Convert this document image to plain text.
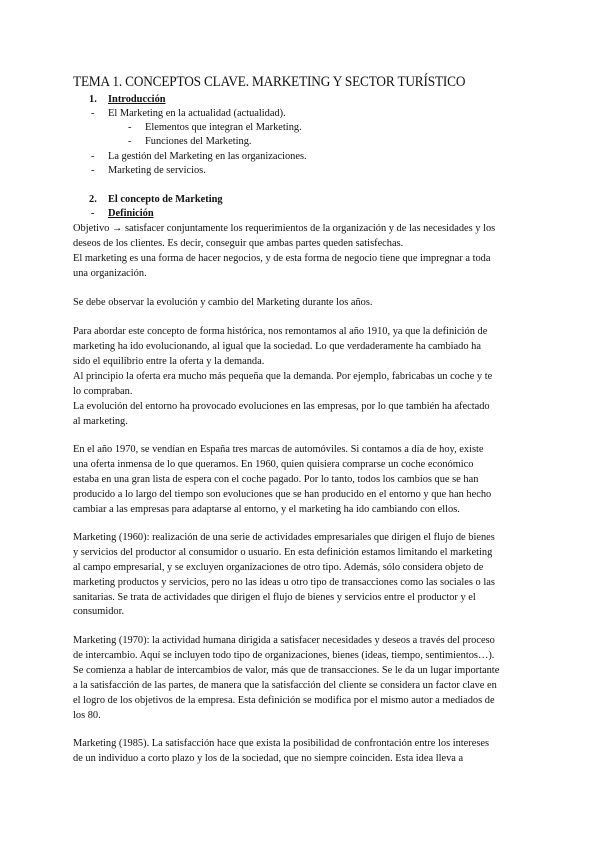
TEMA 1. CONCEPTOS CLAVE. MARKETING Y SECTOR TURÍSTICO
1. Introducción
- El Marketing en la actualidad (actualidad).
- Elementos que integran el Marketing.
- Funciones del Marketing.
- La gestión del Marketing en las organizaciones.
- Marketing de servicios.
2. El concepto de Marketing
- Definición
Objetivo → satisfacer conjuntamente los requerimientos de la organización y de las necesidades y los
deseos de los clientes. Es decir, conseguir que ambas partes queden satisfechas.
El marketing es una forma de hacer negocios, y de esta forma de negocio tiene que impregnar a toda
una organización.
Se debe observar la evolución y cambio del Marketing durante los años.
Para abordar este concepto de forma histórica, nos remontamos al año 1910, ya que la definición de
marketing ha ido evolucionando, al igual que la sociedad. Lo que verdaderamente ha cambiado ha
sido el equilibrio entre la oferta y la demanda.
Al principio la oferta era mucho más pequeña que la demanda. Por ejemplo, fabricabas un coche y te
lo compraban.
La evolución del entorno ha provocado evoluciones en las empresas, por lo que también ha afectado
al marketing.
En el año 1970, se vendían en España tres marcas de automóviles. Si contamos a día de hoy, existe
una oferta inmensa de lo que queramos. En 1960, quien quisiera comprarse un coche económico
estaba en una gran lista de espera con el coche pagado. Por lo tanto, todos los cambios que se han
producido a lo largo del tiempo son evoluciones que se han producido en el entorno y que han hecho
cambiar a las empresas para adaptarse al entorno, y el marketing ha ido cambiando con ellos.
Marketing (1960): realización de una serie de actividades empresariales que dirigen el flujo de bienes
y servicios del productor al consumidor o usuario. En esta definición estamos limitando el marketing
al campo empresarial, y se excluyen organizaciones de otro tipo. Además, sólo considera objeto de
marketing productos y servicios, pero no las ideas u otro tipo de transacciones como las sociales o las
sanitarias. Se trata de actividades que dirigen el flujo de bienes y servicios entre el productor y el
consumidor.
Marketing (1970): la actividad humana dirigida a satisfacer necesidades y deseos a través del proceso
de intercambio. Aquí se incluyen todo tipo de organizaciones, bienes (ideas, tiempo, sentimientos…).
Se comienza a hablar de intercambios de valor, más que de transacciones. Se le da un lugar importante
a la satisfacción de las partes, de manera que la satisfacción del cliente se considera un factor clave en
el logro de los objetivos de la empresa. Esta definición se modifica por el mismo autor a mediados de
los 80.
Marketing (1985). La satisfacción hace que exista la posibilidad de confrontación entre los intereses
de un individuo a corto plazo y los de la sociedad, que no siempre coinciden. Esta idea lleva a
